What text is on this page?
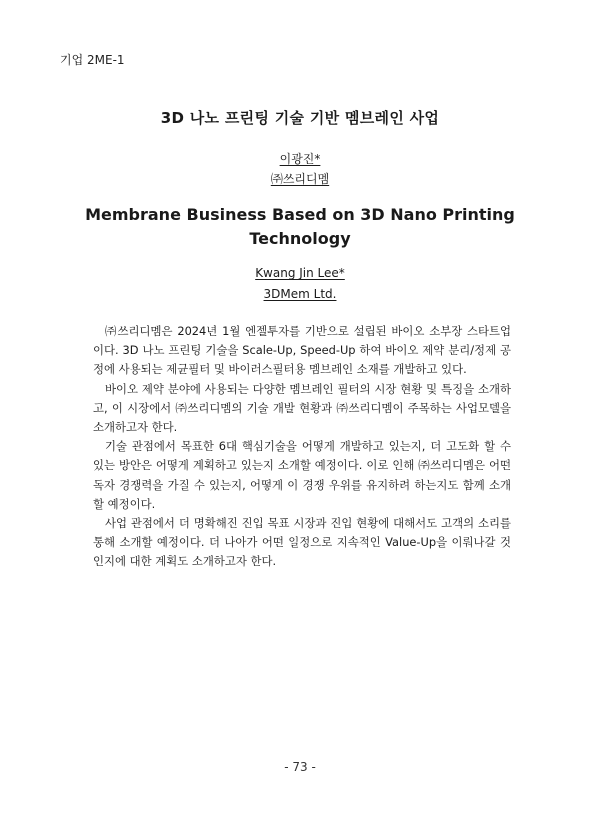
기업 2ME-1
3D 나노 프린팅 기술 기반 멤브레인 사업
이광진*
㈜쓰리디멤
Membrane Business Based on 3D Nano Printing
Technology
Kwang Jin Lee*
3DMem Ltd.

㈜쓰리디멤은 2024년 1월 엔젤투자를 기반으로 설립된 바이오 소부장 스타트업이다. 3D 나노 프린팅 기술을 Scale-Up, Speed-Up 하여 바이오 제약 분리/정제 공정에 사용되는 제균필터 및 바이러스필터용 멤브레인 소재를 개발하고 있다.

바이오 제약 분야에 사용되는 다양한 멤브레인 필터의 시장 현황 및 특징을 소개하고, 이 시장에서 ㈜쓰리디멤의 기술 개발 현황과 ㈜쓰리디멤이 주목하는 사업모델을 소개하고자 한다.

기술 관점에서 목표한 6대 핵심기술을 어떻게 개발하고 있는지, 더 고도화 할 수 있는 방안은 어떻게 계획하고 있는지 소개할 예정이다. 이로 인해 ㈜쓰리디멤은 어떤 독자 경쟁력을 가질 수 있는지, 어떻게 이 경쟁 우위를 유지하려 하는지도 함께 소개할 예정이다.

사업 관점에서 더 명확해진 진입 목표 시장과 진입 현황에 대해서도 고객의 소리를 통해 소개할 예정이다. 더 나아가 어떤 일정으로 지속적인 Value-Up을 이뤄나갈 것인지에 대한 계획도 소개하고자 한다.

- 73 -
